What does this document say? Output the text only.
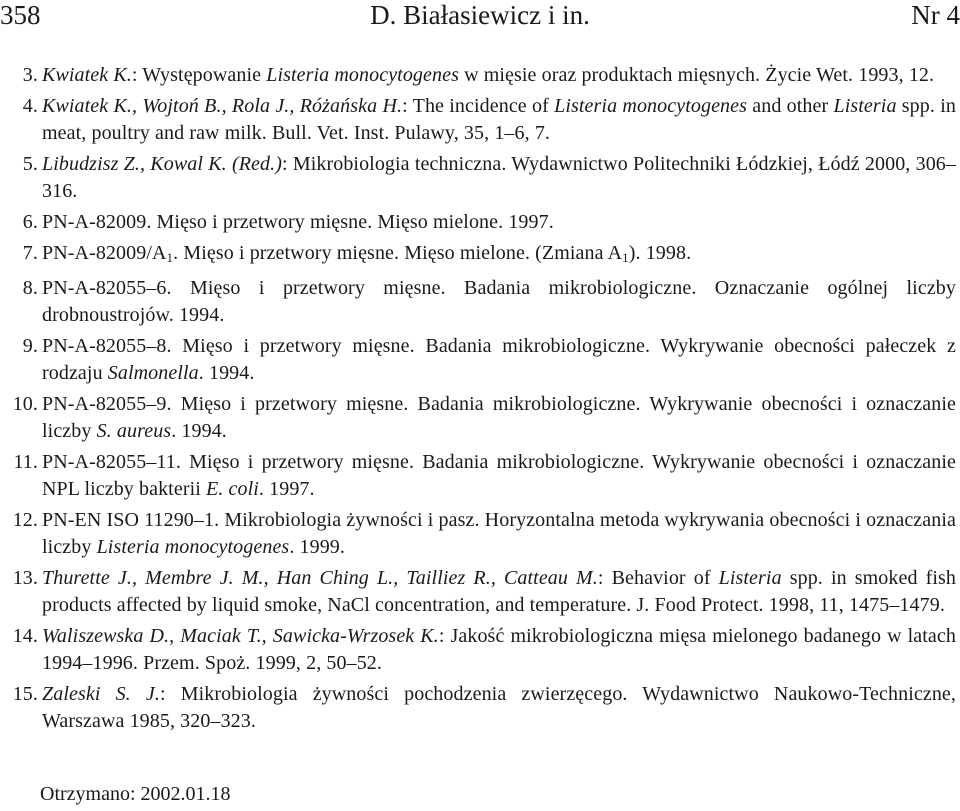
358	D. Białasiewicz i in.	Nr 4
3. Kwiatek K.: Występowanie Listeria monocytogenes w mięsie oraz produktach mięsnych. Życie Wet. 1993, 12.
4. Kwiatek K., Wojtoń B., Rola J., Różańska H.: The incidence of Listeria monocytogenes and other Listeria spp. in meat, poultry and raw milk. Bull. Vet. Inst. Pulawy, 35, 1–6, 7.
5. Libudzisz Z., Kowal K. (Red.): Mikrobiologia techniczna. Wydawnictwo Politechniki Łódzkiej, Łódź 2000, 306–316.
6. PN-A-82009. Mięso i przetwory mięsne. Mięso mielone. 1997.
7. $PN-A-82009/A_1$. Mięso i przetwory mięsne. Mięso mielone. (Zmiana $A_1$). 1998.
8. PN-A-82055–6. Mięso i przetwory mięsne. Badania mikrobiologiczne. Oznaczanie ogólnej liczby drobnoustrojów. 1994.
9. PN-A-82055–8. Mięso i przetwory mięsne. Badania mikrobiologiczne. Wykrywanie obecności pałeczek z rodzaju Salmonella. 1994.
10. PN-A-82055–9. Mięso i przetwory mięsne. Badania mikrobiologiczne. Wykrywanie obecności i oznaczanie liczby S. aureus. 1994.
11. PN-A-82055–11. Mięso i przetwory mięsne. Badania mikrobiologiczne. Wykrywanie obecności i oznaczanie NPL liczby bakterii E. coli. 1997.
12. PN-EN ISO 11290–1. Mikrobiologia żywności i pasz. Horyzontalna metoda wykrywania obecności i oznaczania liczby Listeria monocytogenes. 1999.
13. Thurette J., Membre J. M., Han Ching L., Tailliez R., Catteau M.: Behavior of Listeria spp. in smoked fish products affected by liquid smoke, NaCl concentration, and temperature. J. Food Protect. 1998, 11, 1475–1479.
14. Waliszewska D., Maciak T., Sawicka-Wrzosek K.: Jakość mikrobiologiczna mięsa mielonego badanego w latach 1994–1996. Przem. Spoż. 1999, 2, 50–52.
15. Zaleski S. J.: Mikrobiologia żywności pochodzenia zwierzęcego. Wydawnictwo Naukowo-Techniczne, Warszawa 1985, 320–323.
Otrzymano: 2002.01.18
